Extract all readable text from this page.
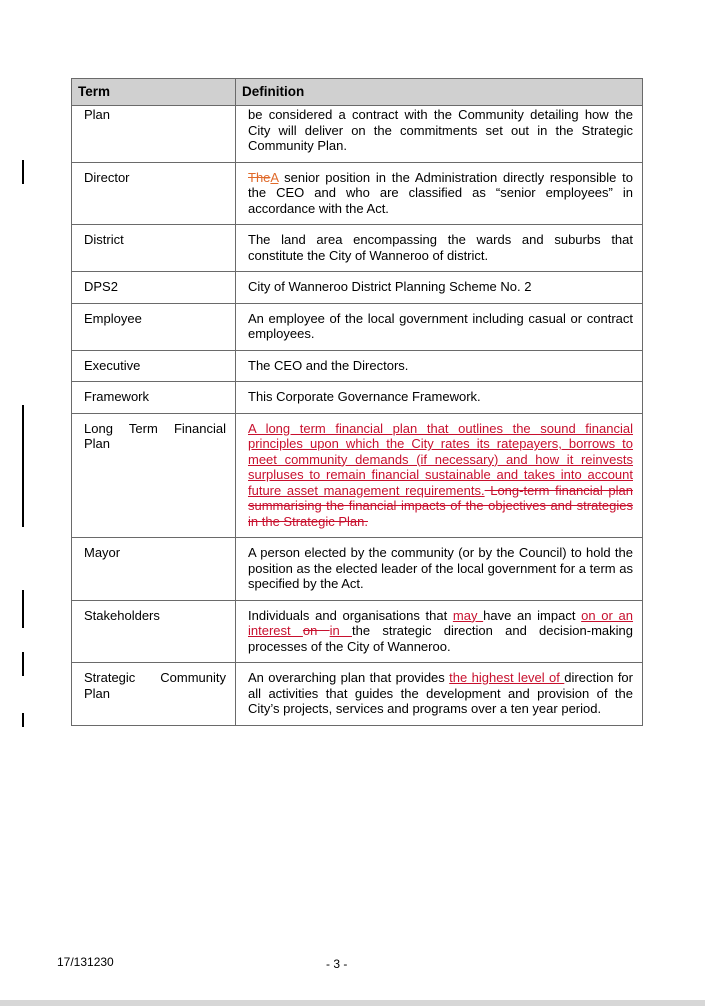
Term	Definition
Plan	be considered a contract with the Community detailing how the City will deliver on the commitments set out in the Strategic Community Plan.
Director	TheA senior position in the Administration directly responsible to the CEO and who are classified as “senior employees” in accordance with the Act.
District	The land area encompassing the wards and suburbs that constitute the City of Wanneroo of district.
DPS2	City of Wanneroo District Planning Scheme No. 2
Employee	An employee of the local government including casual or contract employees.
Executive	The CEO and the Directors.
Framework	This Corporate Governance Framework.
Long Term Financial Plan	A long term financial plan that outlines the sound financial principles upon which the City rates its ratepayers, borrows to meet community demands (if necessary) and how it reinvests surpluses to remain financial sustainable and takes into account future asset management requirements. Long-term financial plan summarising the financial impacts of the objectives and strategies in the Strategic Plan.
Mayor	A person elected by the community (or by the Council) to hold the position as the elected leader of the local government for a term as specified by the Act.
Stakeholders	Individuals and organisations that may have an impact on or an interest on in the strategic direction and decision-making processes of the City of Wanneroo.
Strategic Community Plan	An overarching plan that provides the highest level of direction for all activities that guides the development and provision of the City’s projects, services and programs over a ten year period.
17/131230	- 3 -
